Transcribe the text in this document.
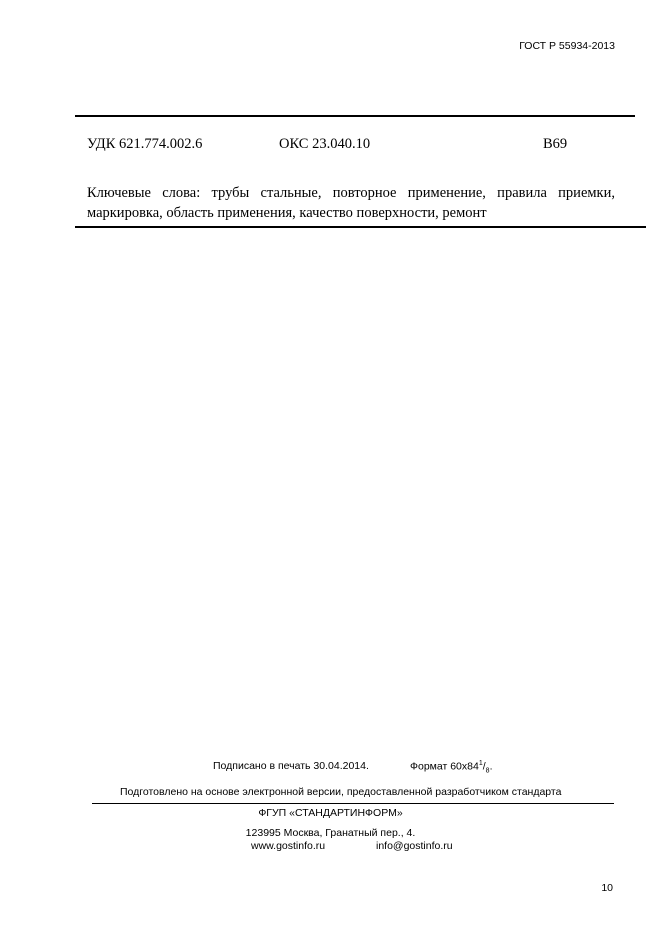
ГОСТ Р 55934-2013
УДК 621.774.002.6	ОКС 23.040.10	В69
Ключевые слова: трубы стальные, повторное применение, правила приемки,
маркировка, область применения, качество поверхности, ремонт
Подписано в печать 30.04.2014.	Формат $60x84^1/_8$.
Подготовлено на основе электронной версии, предоставленной разработчиком стандарта
ФГУП «СТАНДАРТИНФОРМ»
123995 Москва, Гранатный пер., 4.
www.gostinfo.ru	info@gostinfo.ru
10
